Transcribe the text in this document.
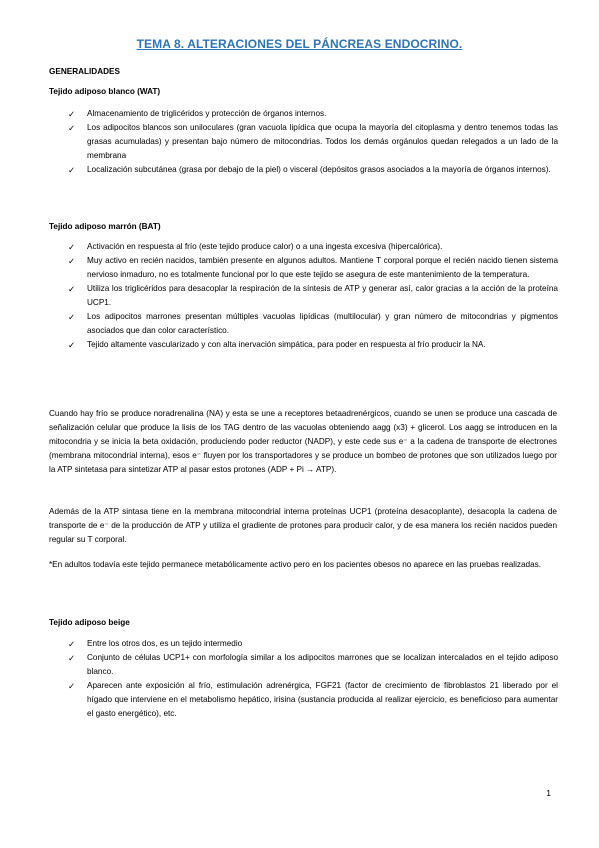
TEMA 8. ALTERACIONES DEL PÁNCREAS ENDOCRINO.
GENERALIDADES
Tejido adiposo blanco (WAT)
✓ Almacenamiento de triglicéridos y protección de órganos internos.
✓ Los adipocitos blancos son uniloculares (gran vacuola lipídica que ocupa la mayoría del citoplasma y dentro tenemos todas las grasas acumuladas) y presentan bajo número de mitocondrias. Todos los demás orgánulos quedan relegados a un lado de la membrana
✓ Localización subcutánea (grasa por debajo de la piel) o visceral (depósitos grasos asociados a la mayoría de órganos internos).
Tejido adiposo marrón (BAT)
✓ Activación en respuesta al frío (este tejido produce calor) o a una ingesta excesiva (hipercalórica).
✓ Muy activo en recién nacidos, también presente en algunos adultos. Mantiene T corporal porque el recién nacido tienen sistema nervioso inmaduro, no es totalmente funcional por lo que este tejido se asegura de este mantenimiento de la temperatura.
✓ Utiliza los triglicéridos para desacoplar la respiración de la síntesis de ATP y generar así, calor gracias a la acción de la proteína UCP1.
✓ Los adipocitos marrones presentan múltiples vacuolas lipídicas (multilocular) y gran número de mitocondrias y pigmentos asociados que dan color característico.
✓ Tejido altamente vascularizado y con alta inervación simpática, para poder en respuesta al frío producir la NA.

Cuando hay frío se produce noradrenalina (NA) y esta se une a receptores betaadrenérgicos, cuando se unen se produce una cascada de señalización celular que produce la lisis de los TAG dentro de las vacuolas obteniendo aagg (x3) + glicerol. Los aagg se introducen en la mitocondria y se inicia la beta oxidación, produciendo poder reductor (NADP), y este cede sus e⁻ a la cadena de transporte de electrones (membrana mitocondrial interna), esos e⁻ fluyen por los transportadores y se produce un bombeo de protones que son utilizados luego por la ATP sintetasa para sintetizar ATP al pasar estos protones (ADP + Pi → ATP).

Además de la ATP sintasa tiene en la membrana mitocondrial interna proteínas UCP1 (proteína desacoplante), desacopla la cadena de transporte de e⁻ de la producción de ATP y utiliza el gradiente de protones para producir calor, y de esa manera los recién nacidos pueden regular su T corporal.

*En adultos todavía este tejido permanece metabólicamente activo pero en los pacientes obesos no aparece en las pruebas realizadas.

Tejido adiposo beige
✓ Entre los otros dos, es un tejido intermedio
✓ Conjunto de células UCP1+ con morfología similar a los adipocitos marrones que se localizan intercalados en el tejido adiposo blanco.
✓ Aparecen ante exposición al frío, estimulación adrenérgica, FGF21 (factor de crecimiento de fibroblastos 21 liberado por el hígado que interviene en el metabolismo hepático, irisina (sustancia producida al realizar ejercicio, es beneficioso para aumentar el gasto energético), etc.
1
